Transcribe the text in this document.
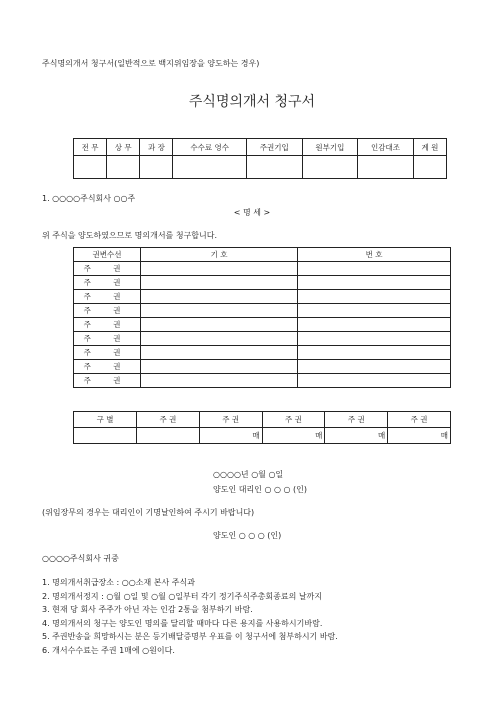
주식명의개서 청구서(일반적으로 백지위임장을 양도하는 경우)
주식명의개서 청구서
전 무	상 무	과 장	수수료 영수	주권기입	원부기입	인감대조	계 원

1. ○○○○주식회사 ○○주
< 명 세 >
위 주식을 양도하였으므로 명의개서를 청구합니다.
권변수선	기 호	번 호
주 권		
주 권		
주 권		
주 권		
주 권		
주 권		
주 권		
주 권		
주 권		
구 별	주 권	주 권	주 권	주 권	주 권
		매	매	매	매
○○○○년 ○월 ○일
양도인 대리인 ○ ○ ○ (인)
(위임장무의 경우는 대리인이 기명날인하여 주시기 바랍니다)
양도인 ○ ○ ○ (인)
○○○○주식회사 귀중
1. 명의개서취급장소 : ○○소재 본사 주식과
2. 명의개서정지 : ○월 ○일 및 ○월 ○일부터 각기 정기주식주총회종료의 날까지
3. 현재 당 회사 주주가 아닌 자는 인감 2통을 첨부하기 바람.
4. 명의개서의 청구는 양도인 명의를 달리할 때마다 다른 용지를 사용하시기바람.
5. 주권반송을 희망하시는 분은 등기배달증명부 우표를 이 청구서에 첨부하시기 바람.
6. 개서수수료는 주권 1매에 ○원이다.
